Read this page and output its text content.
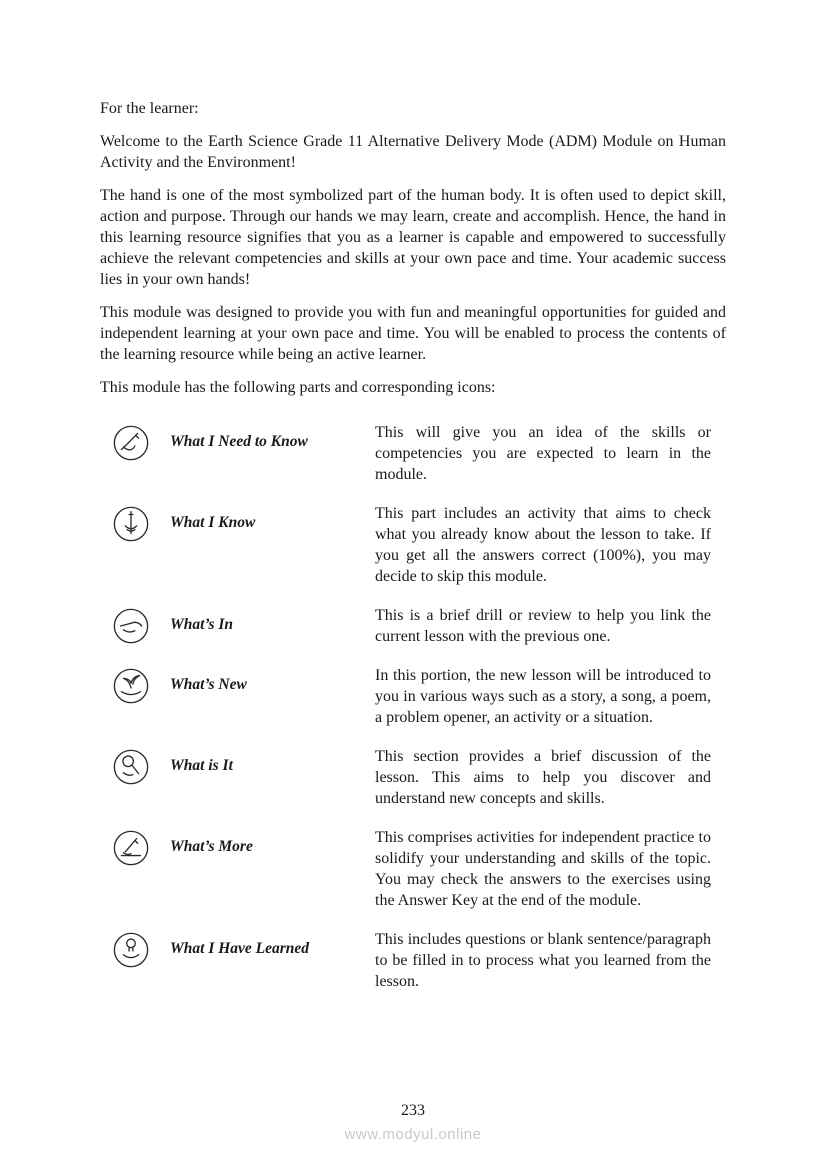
For the learner:

Welcome to the Earth Science Grade 11 Alternative Delivery Mode (ADM) Module on Human Activity and the Environment!

The hand is one of the most symbolized part of the human body. It is often used to depict skill, action and purpose. Through our hands we may learn, create and accomplish. Hence, the hand in this learning resource signifies that you as a learner is capable and empowered to successfully achieve the relevant competencies and skills at your own pace and time. Your academic success lies in your own hands!

This module was designed to provide you with fun and meaningful opportunities for guided and independent learning at your own pace and time. You will be enabled to process the contents of the learning resource while being an active learner.

This module has the following parts and corresponding icons:

What I Need to Know
This will give you an idea of the skills or competencies you are expected to learn in the module.
What I Know
This part includes an activity that aims to check what you already know about the lesson to take. If you get all the answers correct (100%), you may decide to skip this module.
What’s In
This is a brief drill or review to help you link the current lesson with the previous one.
What’s New
In this portion, the new lesson will be introduced to you in various ways such as a story, a song, a poem, a problem opener, an activity or a situation.
What is It
This section provides a brief discussion of the lesson. This aims to help you discover and understand new concepts and skills.
What’s More
This comprises activities for independent practice to solidify your understanding and skills of the topic. You may check the answers to the exercises using the Answer Key at the end of the module.
What I Have Learned
This includes questions or blank sentence/paragraph to be filled in to process what you learned from the lesson.
233
www.modyul.online
